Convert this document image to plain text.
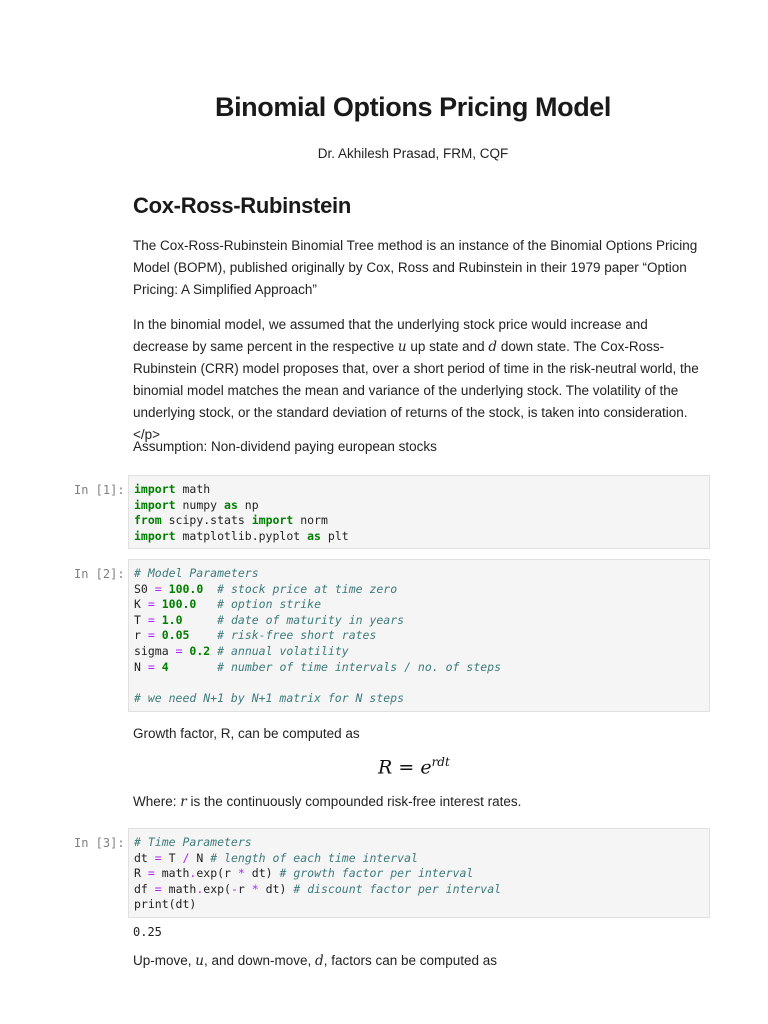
Binomial Options Pricing Model
Dr. Akhilesh Prasad, FRM, CQF
Cox-Ross-Rubinstein

The Cox-Ross-Rubinstein Binomial Tree method is an instance of the Binomial Options Pricing Model (BOPM), published originally by Cox, Ross and Rubinstein in their 1979 paper “Option Pricing: A Simplified Approach”

In the binomial model, we assumed that the underlying stock price would increase and decrease by same percent in the respective u up state and d down state. The Cox-Ross-Rubinstein (CRR) model proposes that, over a short period of time in the risk-neutral world, the binomial model matches the mean and variance of the underlying stock. The volatility of the underlying stock, or the standard deviation of returns of the stock, is taken into consideration.</p>

Assumption: Non-dividend paying european stocks

In [1]: import math
import numpy as np
from scipy.stats import norm
import matplotlib.pyplot as plt
In [2]: # Model Parameters
S0 = 100.0 # stock price at time zero
K = 100.0 # option strike
T = 1.0	# date of maturity in years
r = 0.05 # risk-free short rates
sigma = 0.2 # annual volatility
N = 4	# number of time intervals / no. of steps

# we need N+1 by N+1 matrix for N steps

Growth factor, R, can be computed as

$R = e^{rdt}$

Where: r is the continuously compounded risk-free interest rates.

In [3]: # Time Parameters
dt = T / N # length of each time interval
R = math.exp(r * dt) # growth factor per interval
df = math.exp(-r * dt) # discount factor per interval
print(dt)
0.25

Up-move, u, and down-move, d, factors can be computed as
